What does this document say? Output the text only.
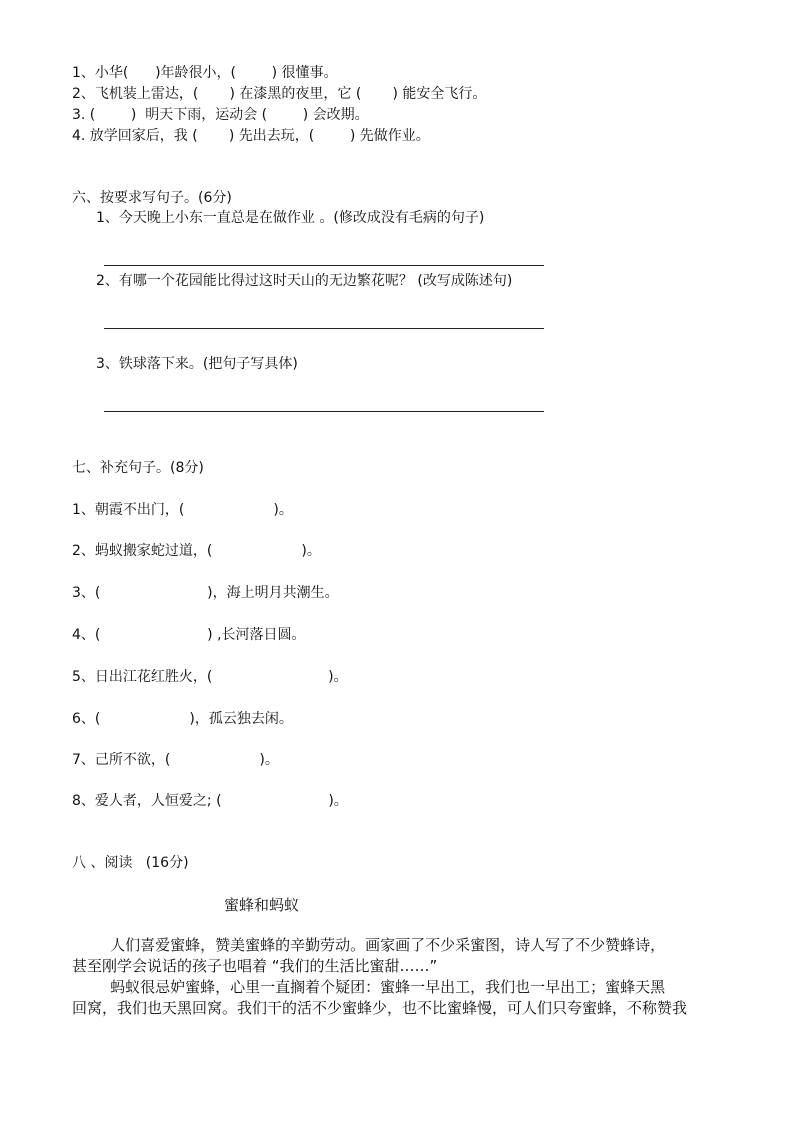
1、小华(      )年龄很小，(        ) 很懂事。
2、飞机装上雷达，(       ) 在漆黑的夜里，它 (       ) 能安全飞行。
3. (        )  明天下雨，运动会 (        ) 会改期。
4. 放学回家后，我 (       ) 先出去玩，(        ) 先做作业。
六、按要求写句子。(6分)
1、今天晚上小东一直总是在做作业 。(修改成没有毛病的句子)
2、有哪一个花园能比得过这时天山的无边繁花呢？ (改写成陈述句)
3、铁球落下来。(把句子写具体)
七、补充句子。(8分)
1、朝霞不出门，(                    )。
2、蚂蚁搬家蛇过道，(                    )。
3、(                        )，海上明月共潮生。
4、(                        ) ,长河落日圆。
5、日出江花红胜火，(                          )。
6、(                    )，孤云独去闲。
7、己所不欲，(                    )。
8、爱人者，人恒爱之; (                        )。
八 、阅读   (16分)
蜜蜂和蚂蚁
人们喜爱蜜蜂，赞美蜜蜂的辛勤劳动。画家画了不少采蜜图，诗人写了不少赞蜂诗，
甚至刚学会说话的孩子也唱着 “我们的生活比蜜甜……”
蚂蚁很忌妒蜜蜂，心里一直搁着个疑团：蜜蜂一早出工，我们也一早出工；蜜蜂天黑
回窝，我们也天黑回窝。我们干的活不少蜜蜂少，也不比蜜蜂慢，可人们只夸蜜蜂，不称赞我
